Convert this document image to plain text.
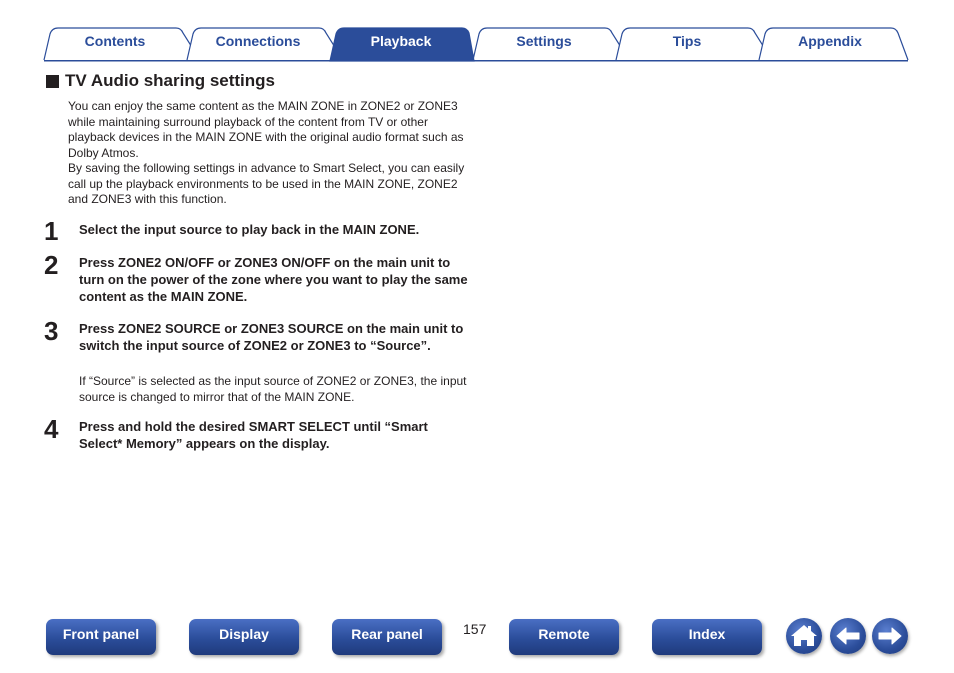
Contents	Connections	Playback	Settings	Tips	Appendix
TV Audio sharing settings

You can enjoy the same content as the MAIN ZONE in ZONE2 or ZONE3 while maintaining surround playback of the content from TV or other playback devices in the MAIN ZONE with the original audio format such as Dolby Atmos.

By saving the following settings in advance to Smart Select, you can easily call up the playback environments to be used in the MAIN ZONE, ZONE2 and ZONE3 with this function.

1 Select the input source to play back in the MAIN ZONE.
2 Press ZONE2 ON/OFF or ZONE3 ON/OFF on the main unit to turn on the power of the zone where you want to play the same content as the MAIN ZONE.
3 Press ZONE2 SOURCE or ZONE3 SOURCE on the main unit to switch the input source of ZONE2 or ZONE3 to “Source”.
If “Source” is selected as the input source of ZONE2 or ZONE3, the input source is changed to mirror that of the MAIN ZONE.
4 Press and hold the desired SMART SELECT until “Smart Select* Memory” appears on the display.
Front panel	Display	Rear panel	157	Remote	Index
